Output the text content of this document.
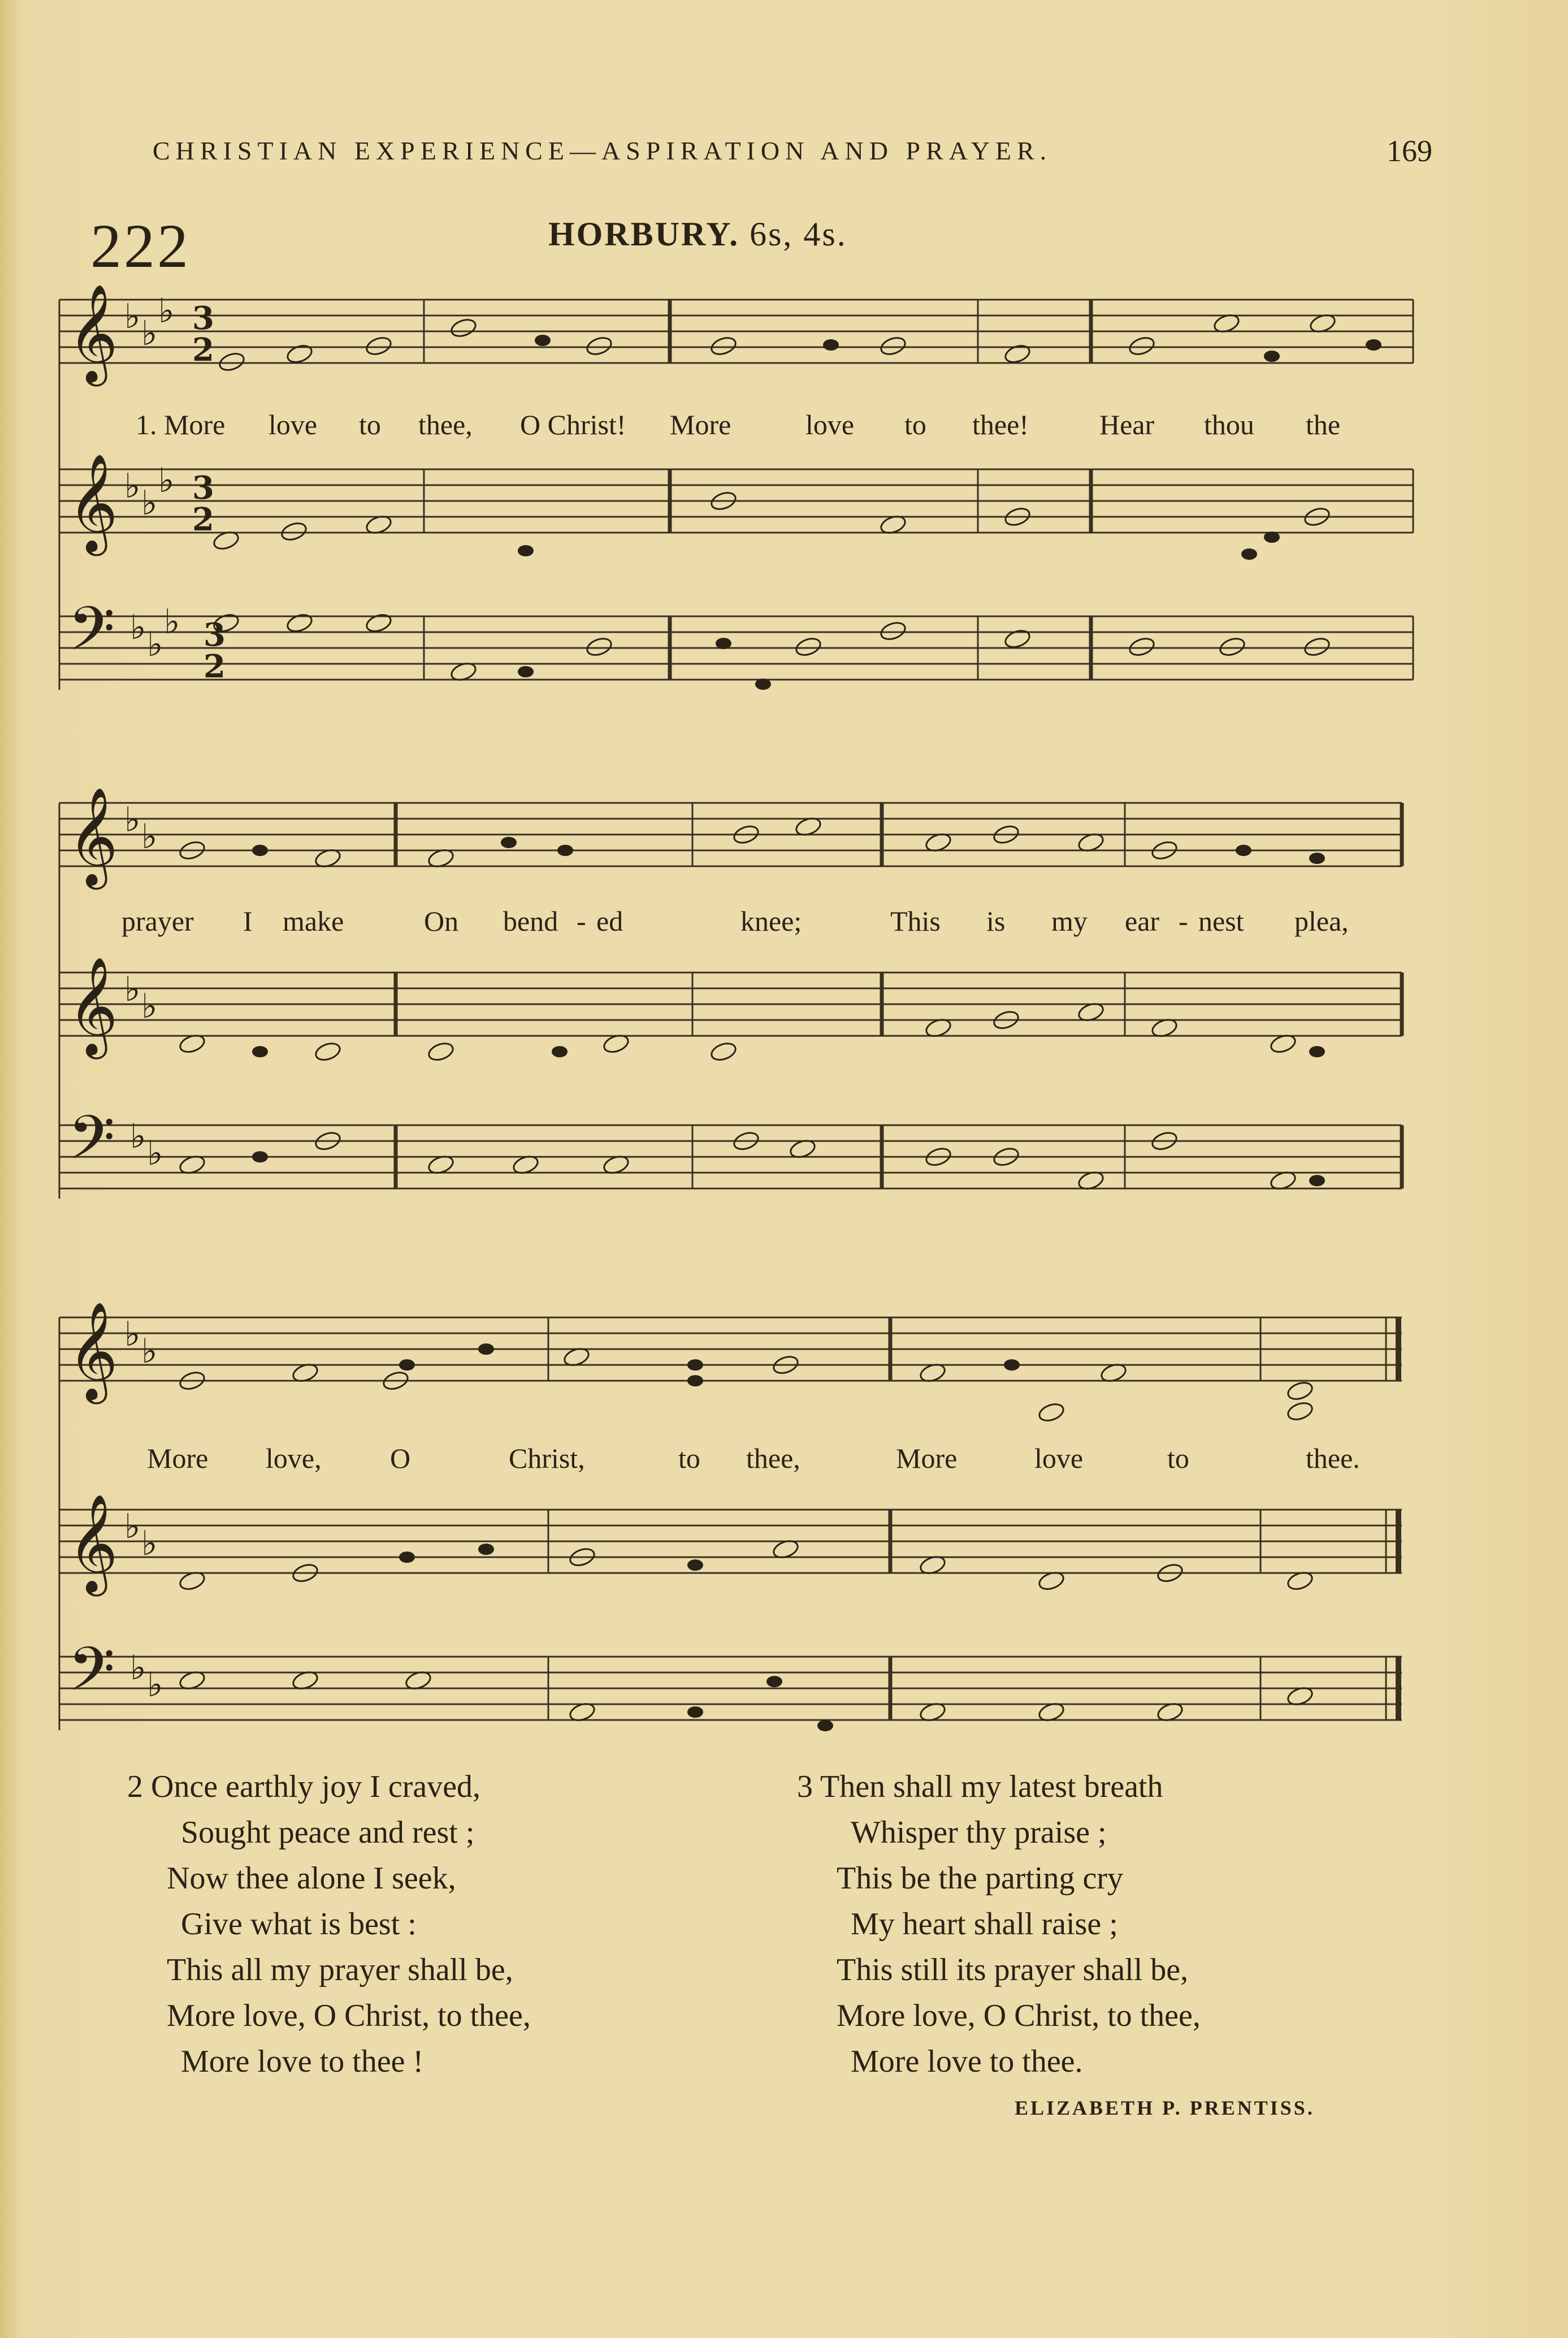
CHRISTIAN EXPERIENCE—ASPIRATION AND PRAYER.	169
222	HORBURY. 6s, 4s.
𝄞
𝄞
𝄢
♭ ♭
♭
♭ ♭
♭
♭ ♭
♭
3
2
3
2
3
2
1. More love to thee, O Christ! More	love to thee!	Hear thou the
𝄞
𝄞
𝄢
♭ ♭
♭ ♭
♭ ♭
prayer I make	On bend - ed	knee;	This is my ear - nest plea,
𝄞
𝄞
𝄢
♭ ♭
♭ ♭
♭ ♭
More love, O	Christ,	to thee,	More	love	to	thee.
2 Once earthly joy I craved,
Sought peace and rest ;
Now thee alone I seek,
Give what is best :
This all my prayer shall be,
More love, O Christ, to thee,
More love to thee !
3 Then shall my latest breath
Whisper thy praise ;
This be the parting cry
My heart shall raise ;
This still its prayer shall be,
More love, O Christ, to thee,
More love to thee.
ELIZABETH P. PRENTISS.
